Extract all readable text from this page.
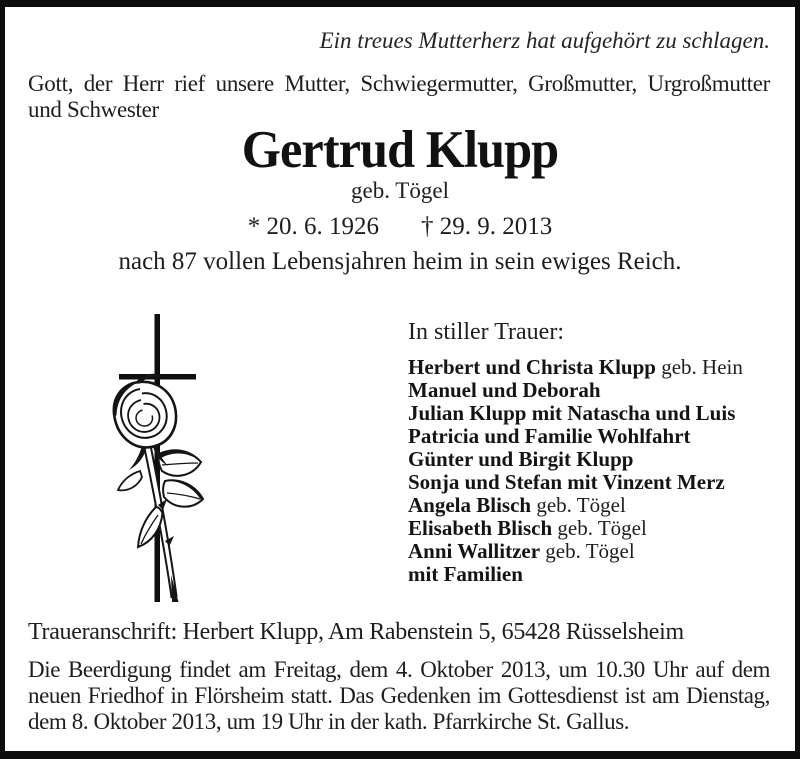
Ein treues Mutterherz hat aufgehört zu schlagen.
Gott, der Herr rief unsere Mutter, Schwiegermutter, Großmutter, Urgroßmutter
und Schwester
Gertrud Klupp
geb. Tögel
* 20. 6. 1926 † 29. 9. 2013
nach 87 vollen Lebensjahren heim in sein ewiges Reich.
In stiller Trauer:
Herbert und Christa Klupp geb. Hein
Manuel und Deborah
Julian Klupp mit Natascha und Luis
Patricia und Familie Wohlfahrt
Günter und Birgit Klupp
Sonja und Stefan mit Vinzent Merz
Angela Blisch geb. Tögel
Elisabeth Blisch geb. Tögel
Anni Wallitzer geb. Tögel
mit Familien
Traueranschrift: Herbert Klupp, Am Rabenstein 5, 65428 Rüsselsheim
Die Beerdigung findet am Freitag, dem 4. Oktober 2013, um 10.30 Uhr auf dem
neuen Friedhof in Flörsheim statt. Das Gedenken im Gottesdienst ist am Dienstag,
dem 8. Oktober 2013, um 19 Uhr in der kath. Pfarrkirche St. Gallus.
